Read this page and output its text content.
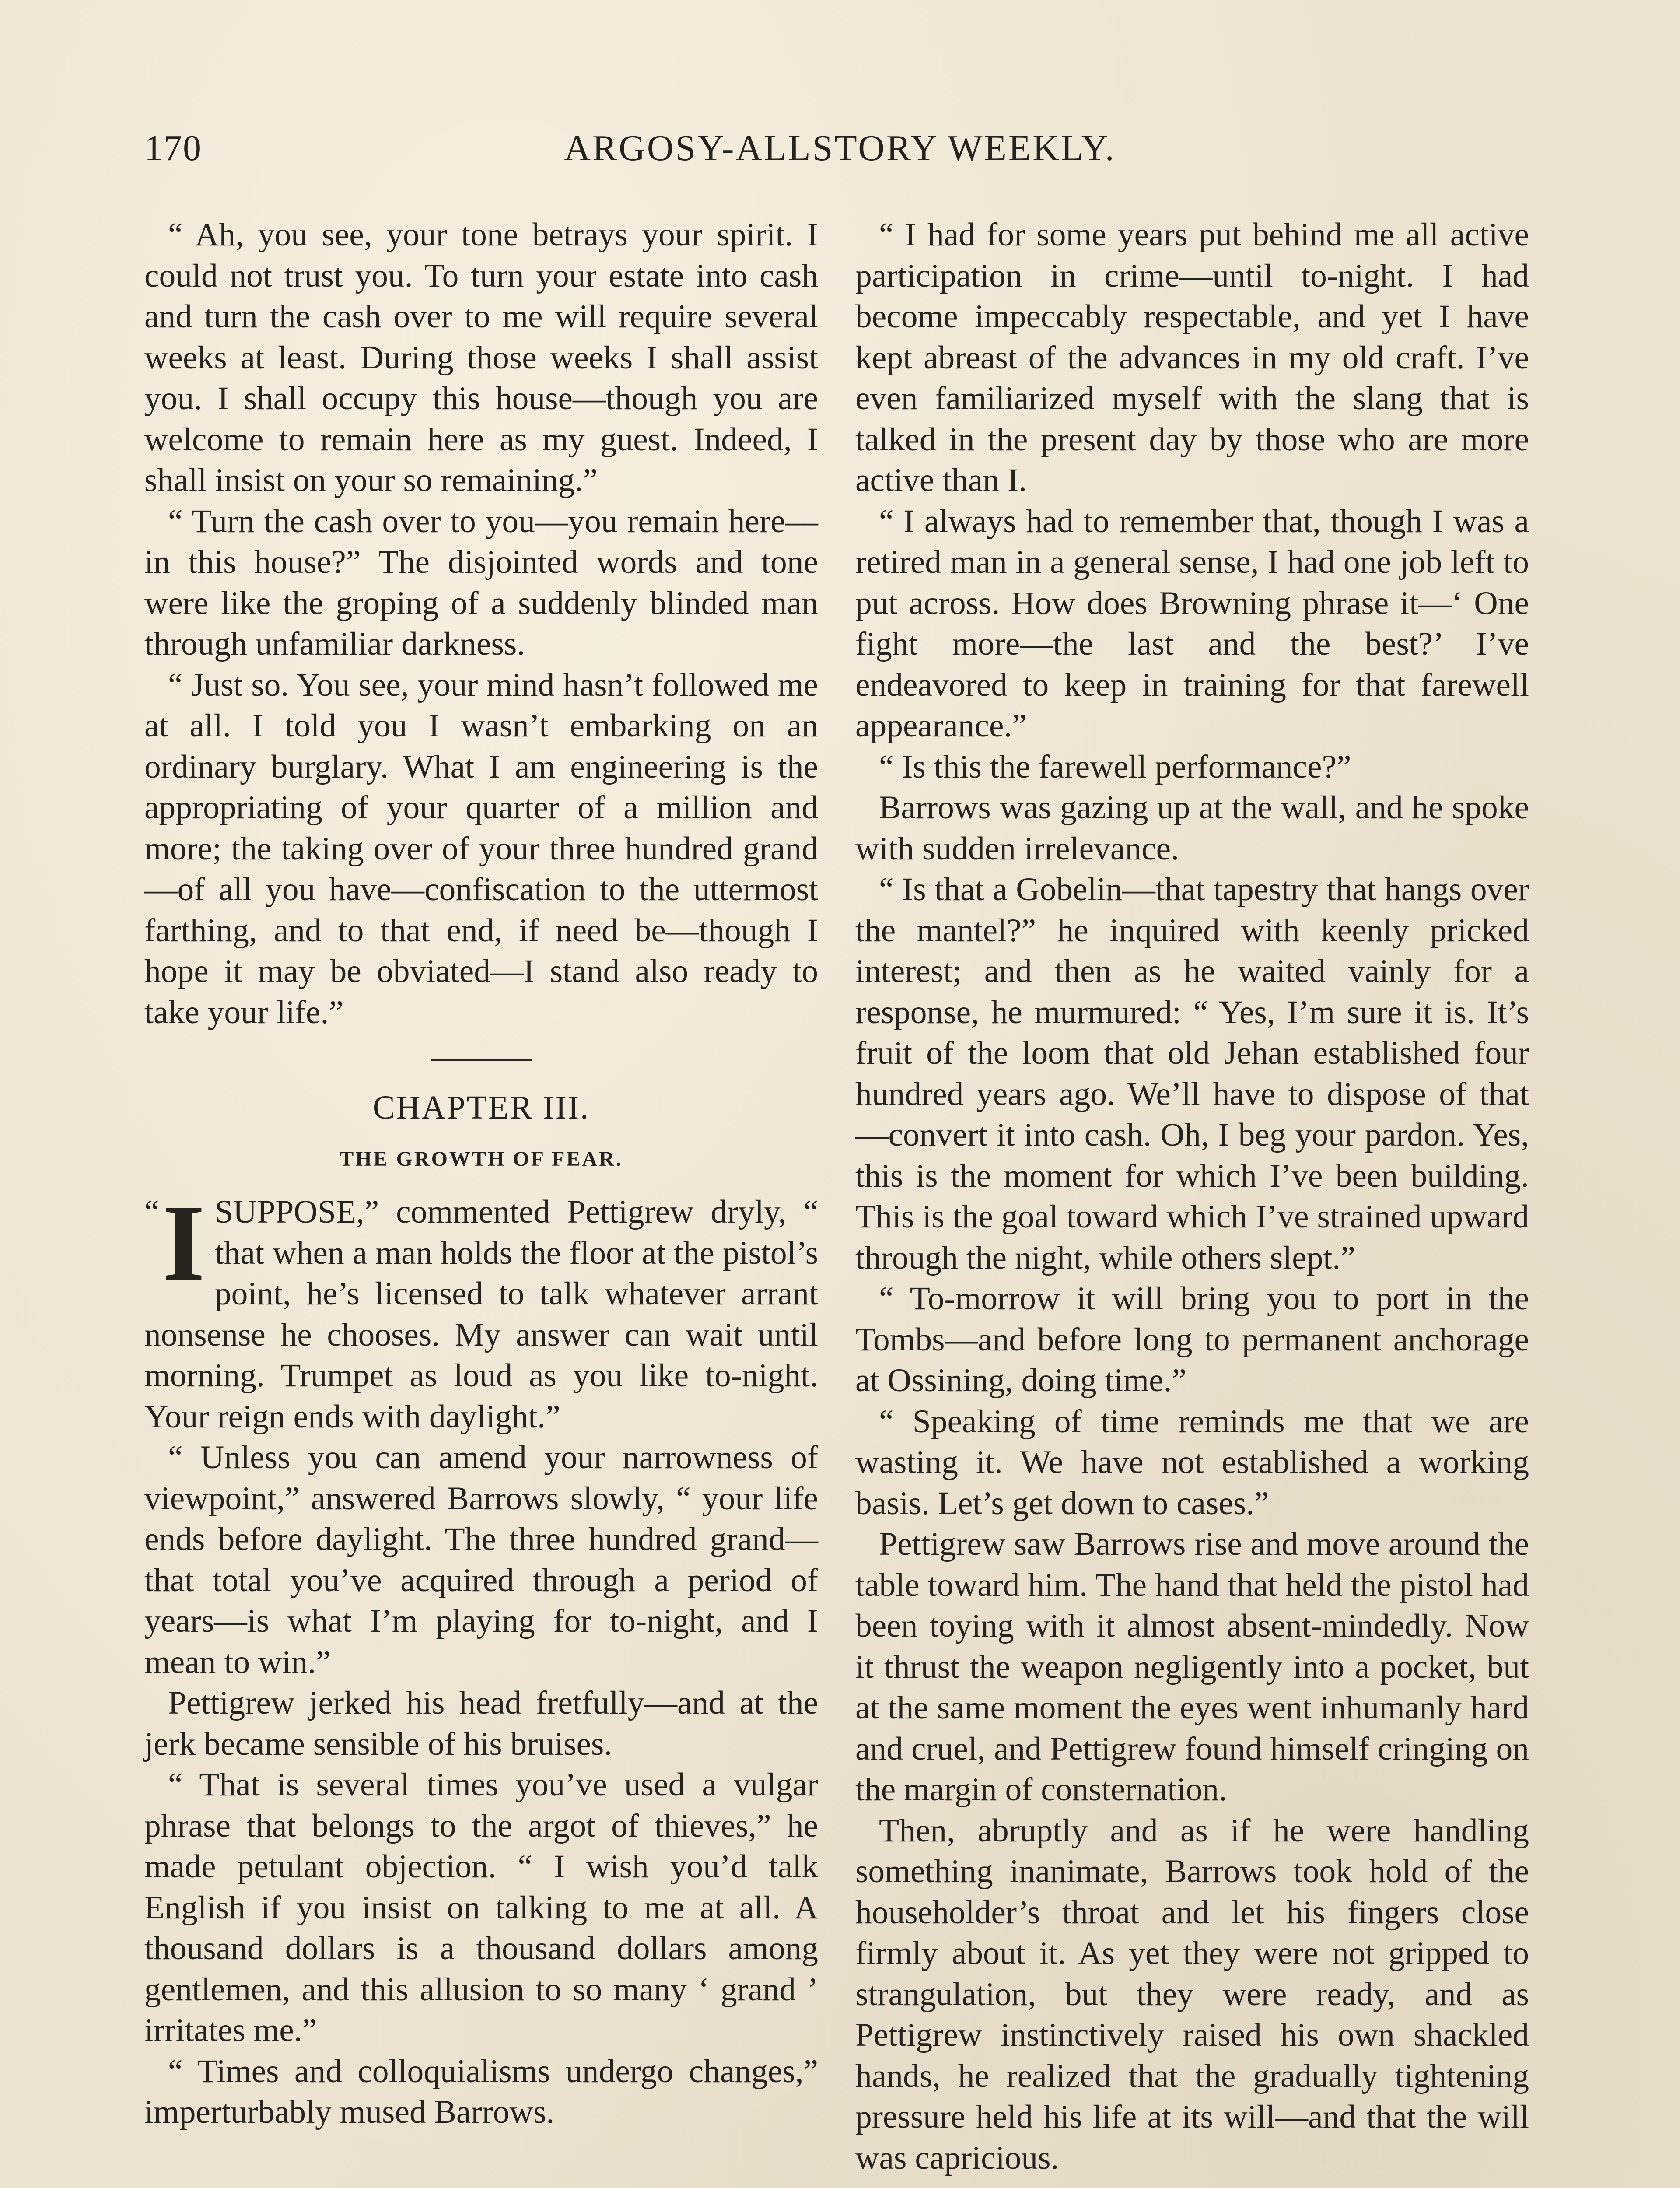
170	ARGOSY-ALLSTORY WEEKLY.

“ Ah, you see, your tone betrays your spirit. I could not trust you. To turn your estate into cash and turn the cash over to me will require several weeks at least. During those weeks I shall assist you. I shall occupy this house—though you are welcome to remain here as my guest. Indeed, I shall insist on your so remaining.”

“ Turn the cash over to you—you remain here—in this house?” The disjointed words and tone were like the groping of a suddenly blinded man through unfamiliar darkness.

“ Just so. You see, your mind hasn’t followed me at all. I told you I wasn’t embarking on an ordinary burglary. What I am engineering is the appropriating of your quarter of a million and more; the taking over of your three hundred grand—of all you have—confiscation to the uttermost farthing, and to that end, if need be—though I hope it may be obviated—I stand also ready to take your life.”

CHAPTER III.
THE GROWTH OF FEAR.

“ I SUPPOSE,” commented Pettigrew dryly, “ that when a man holds the floor at the pistol’s point, he’s licensed to talk whatever arrant nonsense he chooses. My answer can wait until morning. Trumpet as loud as you like to-night. Your reign ends with daylight.”

“ Unless you can amend your narrowness of viewpoint,” answered Barrows slowly, “ your life ends before daylight. The three hundred grand—that total you’ve acquired through a period of years—is what I’m playing for to-night, and I mean to win.”

Pettigrew jerked his head fretfully—and at the jerk became sensible of his bruises.

“ That is several times you’ve used a vulgar phrase that belongs to the argot of thieves,” he made petulant objection. “ I wish you’d talk English if you insist on talking to me at all. A thousand dollars is a thousand dollars among gentlemen, and this allusion to so many ‘ grand ’ irritates me.”

“ Times and colloquialisms undergo changes,” imperturbably mused Barrows.

“ I had for some years put behind me all active participation in crime—until to-night. I had become impeccably respectable, and yet I have kept abreast of the advances in my old craft. I’ve even familiarized myself with the slang that is talked in the present day by those who are more active than I.

“ I always had to remember that, though I was a retired man in a general sense, I had one job left to put across. How does Browning phrase it—‘ One fight more—the last and the best?’ I’ve endeavored to keep in training for that farewell appearance.”

“ Is this the farewell performance?”

Barrows was gazing up at the wall, and he spoke with sudden irrelevance.

“ Is that a Gobelin—that tapestry that hangs over the mantel?” he inquired with keenly pricked interest; and then as he waited vainly for a response, he murmured: “ Yes, I’m sure it is. It’s fruit of the loom that old Jehan established four hundred years ago. We’ll have to dispose of that —convert it into cash. Oh, I beg your pardon. Yes, this is the moment for which I’ve been building. This is the goal toward which I’ve strained upward through the night, while others slept.”

“ To-morrow it will bring you to port in the Tombs—and before long to permanent anchorage at Ossining, doing time.”

“ Speaking of time reminds me that we are wasting it. We have not established a working basis. Let’s get down to cases.”

Pettigrew saw Barrows rise and move around the table toward him. The hand that held the pistol had been toying with it almost absent-mindedly. Now it thrust the weapon negligently into a pocket, but at the same moment the eyes went inhumanly hard and cruel, and Pettigrew found himself cringing on the margin of consternation.

Then, abruptly and as if he were handling something inanimate, Barrows took hold of the householder’s throat and let his fingers close firmly about it. As yet they were not gripped to strangulation, but they were ready, and as Pettigrew instinctively raised his own shackled hands, he realized that the gradually tightening pressure held his life at its will—and that the will was capricious.
